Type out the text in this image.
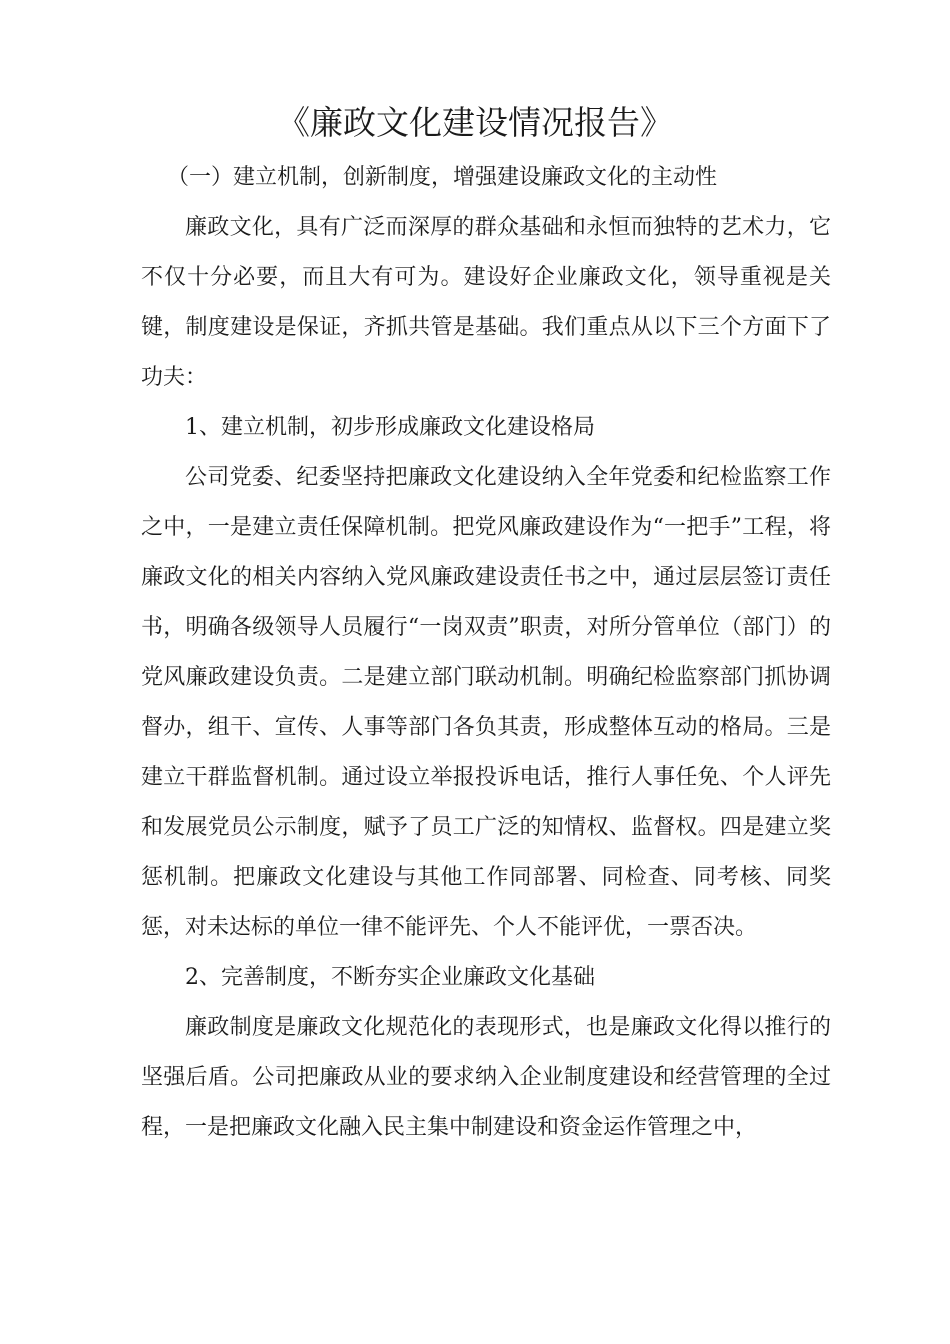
《廉政文化建设情况报告》

（一）建立机制，创新制度，增强建设廉政文化的主动性

廉政文化，具有广泛而深厚的群众基础和永恒而独特的艺术力，它不仅十分必要，而且大有可为。建设好企业廉政文化，领导重视是关键，制度建设是保证，齐抓共管是基础。我们重点从以下三个方面下了功夫：

1、建立机制，初步形成廉政文化建设格局

公司党委、纪委坚持把廉政文化建设纳入全年党委和纪检监察工作之中，一是建立责任保障机制。把党风廉政建设作为“一把手”工程，将廉政文化的相关内容纳入党风廉政建设责任书之中，通过层层签订责任书，明确各级领导人员履行“一岗双责”职责，对所分管单位（部门）的党风廉政建设负责。二是建立部门联动机制。明确纪检监察部门抓协调督办，组干、宣传、人事等部门各负其责，形成整体互动的格局。三是建立干群监督机制。通过设立举报投诉电话，推行人事任免、个人评先和发展党员公示制度，赋予了员工广泛的知情权、监督权。四是建立奖惩机制。把廉政文化建设与其他工作同部署、同检查、同考核、同奖惩，对未达标的单位一律不能评先、个人不能评优，一票否决。

2、完善制度，不断夯实企业廉政文化基础

廉政制度是廉政文化规范化的表现形式，也是廉政文化得以推行的坚强后盾。公司把廉政从业的要求纳入企业制度建设和经营管理的全过程，一是把廉政文化融入民主集中制建设和资金运作管理之中，
